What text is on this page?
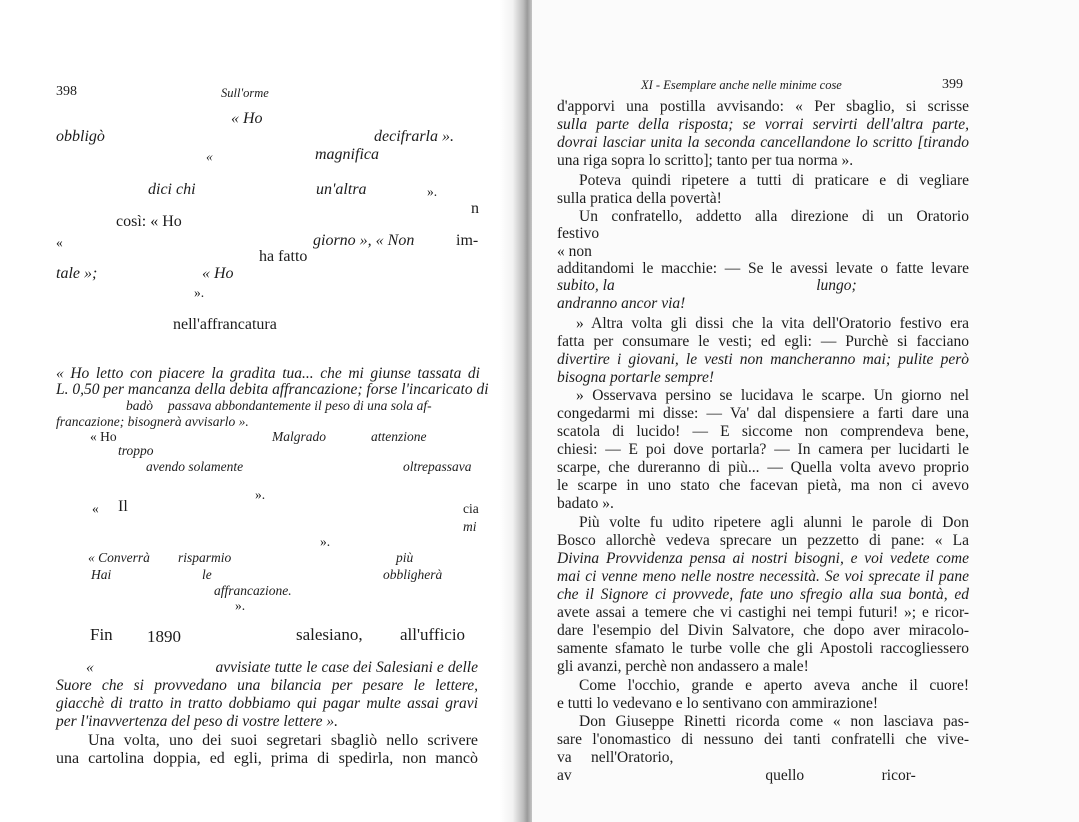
398	Sull'orme
« Ho
obbligò	decifrarla ».
«	magnifica
dici chi	un'altra	».
n
così: « Ho
«	giorno », « Non	im-
ha fatto
tale »;	« Ho
».
nell'affrancatura
« Ho letto con piacere la gradita tua... che mi giunse tassata di
L. 0,50 per mancanza della debita affrancazione; forse l'incaricato di
badò passava abbondantemente il peso di una sola af-
francazione; bisognerà avvisarlo ».
« Ho	Malgrado	attenzione
troppo
avendo solamente	oltrepassava
».
« Il	cia
mi
».
« Converrà risparmio	più
Hai	le	obbligherà
affrancazione.
».
Fin 1890	salesiano, all'ufficio
«                              avvisiate tutte le case dei Salesiani e delle
Suore che si provvedano una bilancia per pesare le lettere,
giacchè di tratto in tratto dobbiamo qui pagar multe assai gravi
per l'inavvertenza del peso di vostre lettere ».
Una volta, uno dei suoi segretari sbagliò nello scrivere
una cartolina doppia, ed egli, prima di spedirla, non mancò
XI - Esemplare anche nelle minime cose	399
d'apporvi una postilla avvisando: « Per sbaglio, si scrisse
sulla parte della risposta; se vorrai servirti dell'altra parte,
dovrai lasciar unita la seconda cancellandone lo scritto [tirando
una riga sopra lo scritto]; tanto per tua norma ».
Poteva quindi ripetere a tutti di praticare e di vegliare
sulla pratica della povertà!
Un confratello, addetto alla direzione di un Oratorio
festivo
« non
additandomi le macchie: — Se le avessi levate o fatte levare
subito, la                                                    lungo;
andranno ancor via!
» Altra volta gli dissi che la vita dell'Oratorio festivo era
fatta per consumare le vesti; ed egli: — Purchè si facciano
divertire i giovani, le vesti non mancheranno mai; pulite però
bisogna portarle sempre!
» Osservava persino se lucidava le scarpe. Un giorno nel
congedarmi mi disse: — Va' dal dispensiere a farti dare una
scatola di lucido! — E siccome non comprendeva bene,
chiesi: — E poi dove portarla? — In camera per lucidarti le
scarpe, che dureranno di più... — Quella volta avevo proprio
le scarpe in uno stato che facevan pietà, ma non ci avevo
badato ».
Più volte fu udito ripetere agli alunni le parole di Don
Bosco allorchè vedeva sprecare un pezzetto di pane: « La
Divina Provvidenza pensa ai nostri bisogni, e voi vedete come
mai ci venne meno nelle nostre necessità. Se voi sprecate il pane
che il Signore ci provvede, fate uno sfregio alla sua bontà, ed
avete assai a temere che vi castighi nei tempi futuri! »; e ricor-
dare l'esempio del Divin Salvatore, che dopo aver miracolo-
samente sfamato le turbe volle che gli Apostoli raccogliessero
gli avanzi, perchè non andassero a male!
Come l'occhio, grande e aperto aveva anche il cuore!
e tutti lo vedevano e lo sentivano con ammirazione!
Don Giuseppe Rinetti ricorda come « non lasciava pas-
sare l'onomastico di nessuno dei tanti confratelli che vive-
va     nell'Oratorio,
av                                                  quello                    ricor-
